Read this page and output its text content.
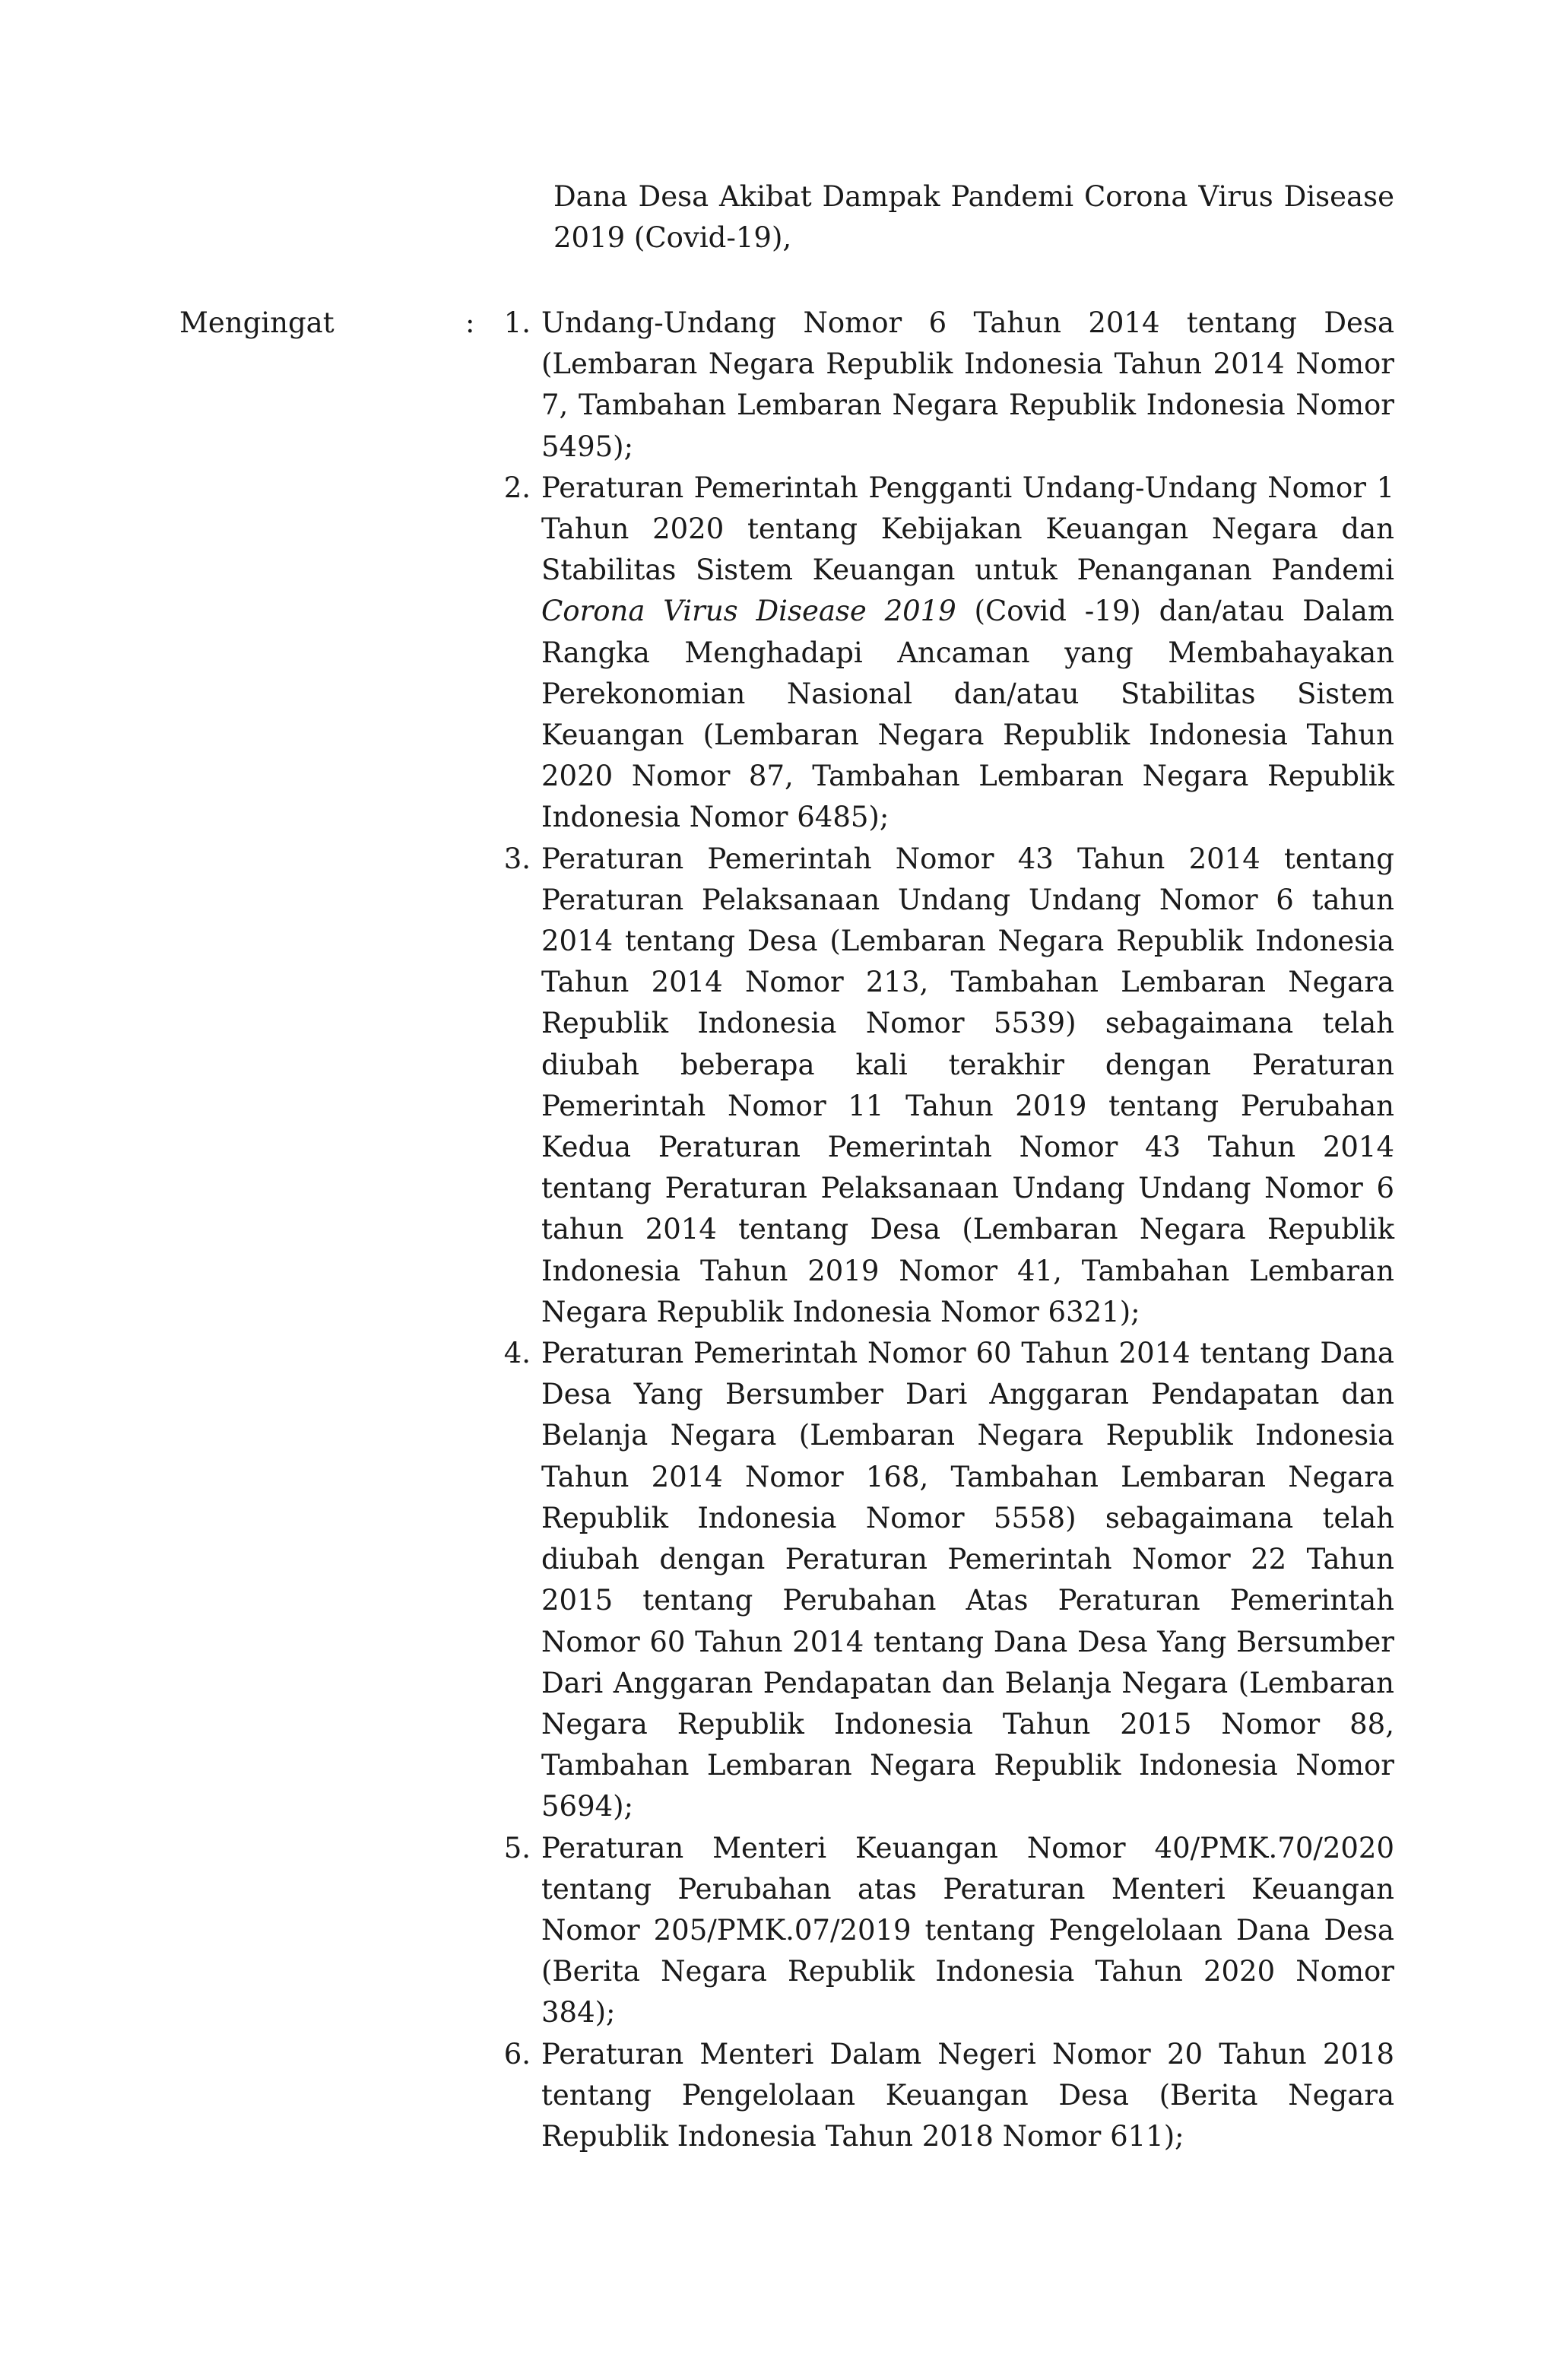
Dana Desa Akibat Dampak Pandemi Corona Virus Disease 2019 (Covid-19),
Mengingat	:	1. Undang-Undang Nomor 6 Tahun 2014 tentang Desa (Lembaran Negara Republik Indonesia Tahun 2014 Nomor 7, Tambahan Lembaran Negara Republik Indonesia Nomor 5495);
2. Peraturan Pemerintah Pengganti Undang-Undang Nomor 1 Tahun 2020 tentang Kebijakan Keuangan Negara dan Stabilitas Sistem Keuangan untuk Penanganan Pandemi Corona Virus Disease 2019 (Covid -19) dan/atau Dalam Rangka Menghadapi Ancaman yang Membahayakan Perekonomian Nasional dan/atau Stabilitas Sistem Keuangan (Lembaran Negara Republik Indonesia Tahun 2020 Nomor 87, Tambahan Lembaran Negara Republik Indonesia Nomor 6485);
3. Peraturan Pemerintah Nomor 43 Tahun 2014 tentang Peraturan Pelaksanaan Undang Undang Nomor 6 tahun 2014 tentang Desa (Lembaran Negara Republik Indonesia Tahun 2014 Nomor 213, Tambahan Lembaran Negara Republik Indonesia Nomor 5539) sebagaimana telah diubah beberapa kali terakhir dengan Peraturan Pemerintah Nomor 11 Tahun 2019 tentang Perubahan Kedua Peraturan Pemerintah Nomor 43 Tahun 2014 tentang Peraturan Pelaksanaan Undang Undang Nomor 6 tahun 2014 tentang Desa (Lembaran Negara Republik Indonesia Tahun 2019 Nomor 41, Tambahan Lembaran Negara Republik Indonesia Nomor 6321);
4. Peraturan Pemerintah Nomor 60 Tahun 2014 tentang Dana Desa Yang Bersumber Dari Anggaran Pendapatan dan Belanja Negara (Lembaran Negara Republik Indonesia Tahun 2014 Nomor 168, Tambahan Lembaran Negara Republik Indonesia Nomor 5558) sebagaimana telah diubah dengan Peraturan Pemerintah Nomor 22 Tahun 2015 tentang Perubahan Atas Peraturan Pemerintah Nomor 60 Tahun 2014 tentang Dana Desa Yang Bersumber Dari Anggaran Pendapatan dan Belanja Negara (Lembaran Negara Republik Indonesia Tahun 2015 Nomor 88, Tambahan Lembaran Negara Republik Indonesia Nomor 5694);
5. Peraturan Menteri Keuangan Nomor 40/PMK.70/2020 tentang Perubahan atas Peraturan Menteri Keuangan Nomor 205/PMK.07/2019 tentang Pengelolaan Dana Desa (Berita Negara Republik Indonesia Tahun 2020 Nomor 384);
6. Peraturan Menteri Dalam Negeri Nomor 20 Tahun 2018 tentang Pengelolaan Keuangan Desa (Berita Negara Republik Indonesia Tahun 2018 Nomor 611);
